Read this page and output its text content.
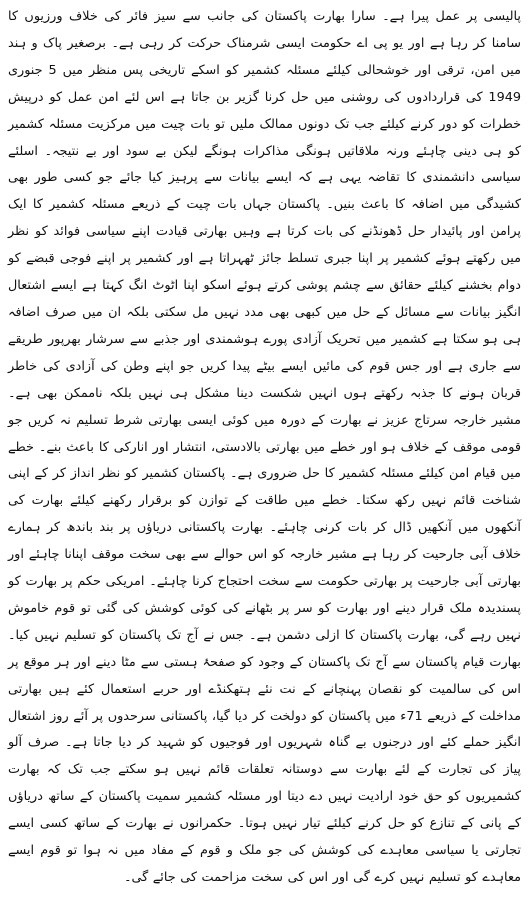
پالیسی پر عمل پیرا ہے۔ سارا بھارت پاکستان کی جانب سے سیز فائر کی خلاف ورزیوں کا سامنا کر رہا ہے اور یو پی اے حکومت ایسی شرمناک حرکت کر رہی ہے۔ برصغیر پاک و ہند میں امن، ترقی اور خوشحالی کیلئے مسئلہ کشمیر کو اسکے تاریخی پس منظر میں 5 جنوری 1949 کی قراردادوں کی روشنی میں حل کرنا گزیر بن جاتا ہے اس لئے امن عمل کو درپیش خطرات کو دور کرنے کیلئے جب تک دونوں ممالک ملیں تو بات چیت میں مرکزیت مسئلہ کشمیر کو ہی دینی چاہئے ورنہ ملاقاتیں ہونگی مذاکرات ہونگے لیکن بے سود اور بے نتیجہ۔ اسلئے سیاسی دانشمندی کا تقاضہ یہی ہے کہ ایسے بیانات سے پرہیز کیا جائے جو کسی طور بھی کشیدگی میں اضافہ کا باعث بنیں۔ پاکستان جہاں بات چیت کے ذریعے مسئلہ کشمیر کا ایک پرامن اور پائیدار حل ڈھونڈنے کی بات کرتا ہے وہیں بھارتی قیادت اپنے سیاسی فوائد کو نظر میں رکھتے ہوئے کشمیر پر اپنا جبری تسلط جائز ٹھہراتا ہے اور کشمیر پر اپنے فوجی قبضے کو دوام بخشنے کیلئے حقائق سے چشم پوشی کرتے ہوئے اسکو اپنا اٹوٹ انگ کہتا ہے ایسے اشتعال انگیز بیانات سے مسائل کے حل میں کبھی بھی مدد نہیں مل سکتی بلکہ ان میں صرف اضافہ ہی ہو سکتا ہے کشمیر میں تحریک آزادی پورے ہوشمندی اور جذبے سے سرشار بھرپور طریقے سے جاری ہے اور جس قوم کی مائیں ایسے بیٹے پیدا کریں جو اپنے وطن کی آزادی کی خاطر قربان ہونے کا جذبہ رکھتے ہوں انہیں شکست دینا مشکل ہی نہیں بلکہ ناممکن بھی ہے۔ مشیر خارجہ سرتاج عزیز نے بھارت کے دورہ میں کوئی ایسی بھارتی شرط تسلیم نہ کریں جو قومی موقف کے خلاف ہو اور خطے میں بھارتی بالادستی، انتشار اور انارکی کا باعث بنے۔ خطے میں قیام امن کیلئے مسئلہ کشمیر کا حل ضروری ہے۔ پاکستان کشمیر کو نظر انداز کر کے اپنی شناخت قائم نہیں رکھ سکتا۔ خطے میں طاقت کے توازن کو برقرار رکھنے کیلئے بھارت کی آنکھوں میں آنکھیں ڈال کر بات کرنی چاہئے۔ بھارت پاکستانی دریاؤں پر بند باندھ کر ہمارے خلاف آبی جارحیت کر رہا ہے مشیر خارجہ کو اس حوالے سے بھی سخت موقف اپنانا چاہئے اور بھارتی آبی جارحیت پر بھارتی حکومت سے سخت احتجاج کرنا چاہئے۔ امریکی حکم پر بھارت کو پسندیدہ ملک قرار دینے اور بھارت کو سر پر بٹھانے کی کوئی کوشش کی گئی تو قوم خاموش نہیں رہے گی، بھارت پاکستان کا ازلی دشمن ہے۔ جس نے آج تک پاکستان کو تسلیم نہیں کیا۔ بھارت قیام پاکستان سے آج تک پاکستان کے وجود کو صفحۂ ہستی سے مٹا دینے اور ہر موقع پر اس کی سالمیت کو نقصان پہنچانے کے نت نئے ہتھکنڈے اور حربے استعمال کئے ہیں بھارتی مداخلت کے ذریعے 71ء میں پاکستان کو دولخت کر دیا گیا، پاکستانی سرحدوں پر آئے روز اشتعال انگیز حملے کئے اور درجنوں بے گناہ شہریوں اور فوجیوں کو شہید کر دیا جاتا ہے۔ صرف آلو پیاز کی تجارت کے لئے بھارت سے دوستانہ تعلقات قائم نہیں ہو سکتے جب تک کہ بھارت کشمیریوں کو حق خود ارادیت نہیں دے دیتا اور مسئلہ کشمیر سمیت پاکستان کے ساتھ دریاؤں کے پانی کے تنازع کو حل کرنے کیلئے تیار نہیں ہوتا۔ حکمرانوں نے بھارت کے ساتھ کسی ایسے تجارتی یا سیاسی معاہدے کی کوشش کی جو ملک و قوم کے مفاد میں نہ ہوا تو قوم ایسے معاہدے کو تسلیم نہیں کرے گی اور اس کی سخت مزاحمت کی جائے گی۔
